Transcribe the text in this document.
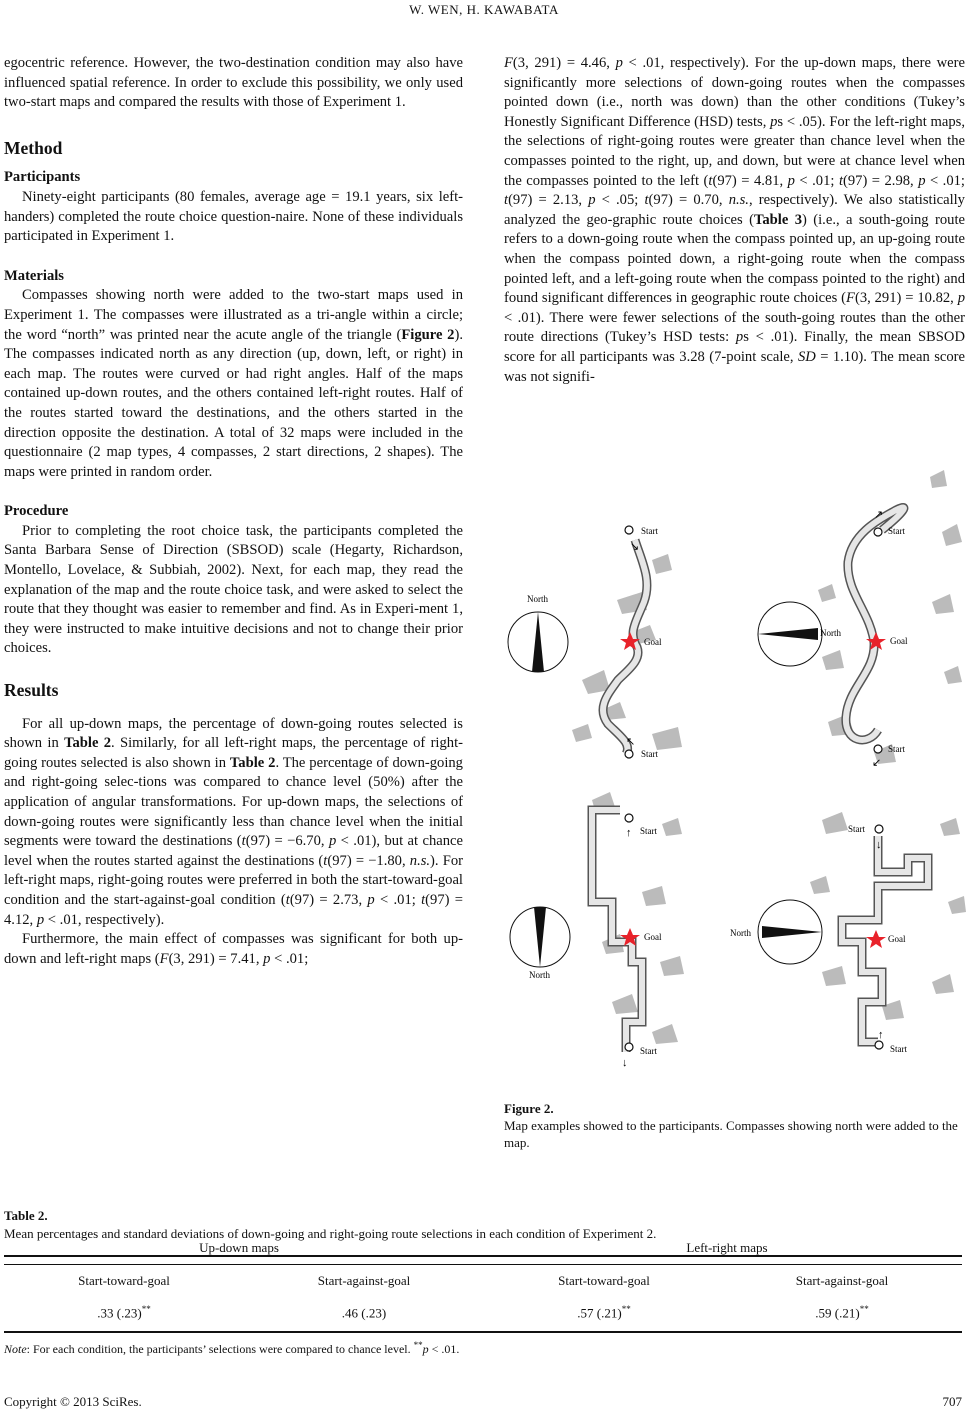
W. WEN, H. KAWABATA

egocentric reference. However, the two-destination condition may also have influenced spatial reference. In order to exclude this possibility, we only used two-start maps and compared the results with those of Experiment 1.

Method
Participants

Ninety-eight participants (80 females, average age = 19.1 years, six left-handers) completed the route choice question-naire. None of these individuals participated in Experiment 1.

Materials

Compasses showing north were added to the two-start maps used in Experiment 1. The compasses were illustrated as a tri-angle within a circle; the word “north” was printed near the acute angle of the triangle (Figure 2). The compasses indicated north as any direction (up, down, left, or right) in each map. The routes were curved or had right angles. Half of the maps contained up-down routes, and the others contained left-right routes. Half of the routes started toward the destinations, and the others started in the direction opposite the destination. A total of 32 maps were included in the questionnaire (2 map types, 4 compasses, 2 start directions, 2 shapes). The maps were printed in random order.

Procedure

Prior to completing the root choice task, the participants completed the Santa Barbara Sense of Direction (SBSOD) scale (Hegarty, Richardson, Montello, Lovelace, & Subbiah, 2002). Next, for each map, they read the explanation of the map and the route choice task, and were asked to select the route that they thought was easier to remember and find. As in Experi-ment 1, they were instructed to make intuitive decisions and not to change their prior choices.

Results

For all up-down maps, the percentage of down-going routes selected is shown in Table 2. Similarly, for all left-right maps, the percentage of right-going routes selected is also shown in Table 2. The percentage of down-going and right-going selec-tions was compared to chance level (50%) after the application of angular transformations. For up-down maps, the selections of down-going routes were significantly less than chance level when the initial segments were toward the destinations (t(97) = −6.70, p < .01), but at chance level when the routes started against the destinations (t(97) = −1.80, n.s.). For left-right maps, right-going routes were preferred in both the start-toward-goal condition and the start-against-goal condition (t(97) = 2.73, p < .01; t(97) = 4.12, p < .01, respectively).

Furthermore, the main effect of compasses was significant for both up-down and left-right maps (F(3, 291) = 7.41, p < .01;

F(3, 291) = 4.46, p < .01, respectively). For the up-down maps, there were significantly more selections of down-going routes when the compasses pointed down (i.e., north was down) than the other conditions (Tukey’s Honestly Significant Difference (HSD) tests, ps < .05). For the left-right maps, the selections of right-going routes were greater than chance level when the compasses pointed to the right, up, and down, but were at chance level when the compasses pointed to the left (t(97) = 4.81, p < .01; t(97) = 2.98, p < .01; t(97) = 2.13, p < .05; t(97) = 0.70, n.s., respectively). We also statistically analyzed the geo-graphic route choices (Table 3) (i.e., a south-going route refers to a down-going route when the compass pointed up, an up-going route when the compass pointed down, a right-going route when the compass pointed left, and a left-going route when the compass pointed to the right) and found significant differences in geographic route choices (F(3, 291) = 10.82, p < .01). There were fewer selections of the south-going routes than the other route directions (Tukey’s HSD tests: ps < .01). Finally, the mean SBSOD score for all participants was 3.28 (7-point scale, SD = 1.10). The mean score was not signifi-

Start
↘
Start
↖
Goal
North
Start
↗
Start
↙
Goal
North
Start
↑
Start
↓
Goal
North
Start
↓
Start
↑
Goal
North
Figure 2.
Map examples showed to the participants. Compasses showing north were added to the map.
Table 2.
Mean percentages and standard deviations of down-going and right-going route selections in each condition of Experiment 2.
Up-down maps	Left-right maps
Start-toward-goal	Start-against-goal	Start-toward-goal	Start-against-goal
.33 (.23)**	.46 (.23)	.57 (.21)**	.59 (.21)**
Note: For each condition, the participants’ selections were compared to chance level. **p < .01.
Copyright © 2013 SciRes.	707
